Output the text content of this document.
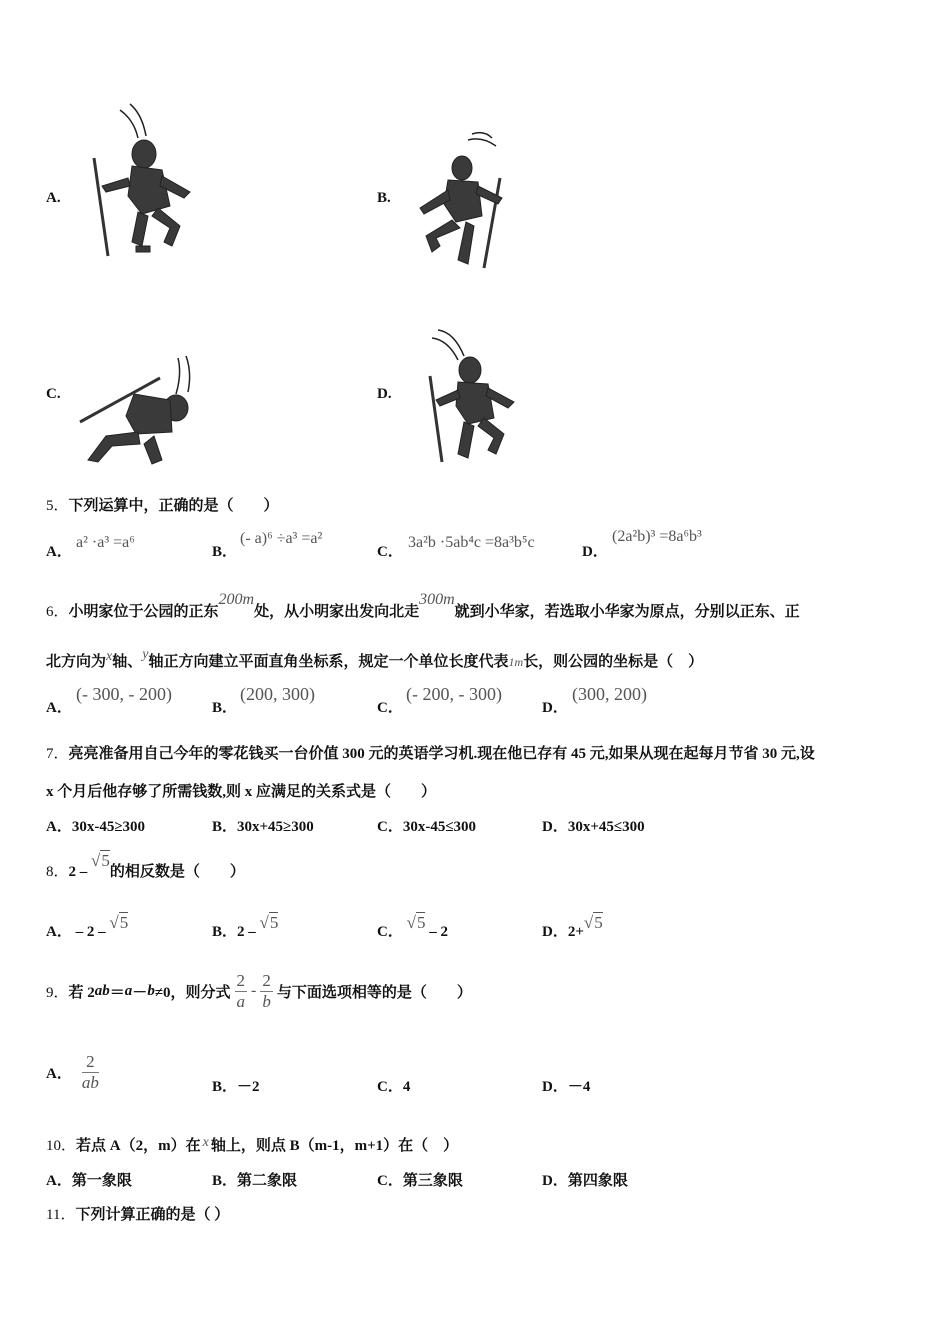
A.	B.
C.	D.
5．下列运算中，正确的是（　　）
A．
a² ·a³ =a⁶
B．
(- a)⁶ ÷a³ =a²
C．
3a²b ·5ab⁴c =8a³b⁵c
D．
(2a²b)³ =8a⁶b³
6．小明家位于公园的正东200m处，从小明家出发向北走300m就到小华家，若选取小华家为原点，分别以正东、正
北方向为x轴、y轴正方向建立平面直角坐标系，规定一个单位长度代表1m长，则公园的坐标是（　）
A．
(- 300, - 200)
B．
(200, 300)
C．
(- 200, - 300)
D．
(300, 200)
7．亮亮准备用自己今年的零花钱买一台价值 300 元的英语学习机.现在他已存有 45 元,如果从现在起每月节省 30 元,设
x 个月后他存够了所需钱数,则 x 应满足的关系式是（　　）
A．30x-45≥300	B．30x+45≥300	C．30x-45≤300	D．30x+45≤300
8．2 – √5的相反数是（　　）
A． – 2 – √5	B．2 – √5	C． √5 – 2	D．2+√5
9． 若 2 ab ＝ a － b ≠0，则分式 $\frac{2}{a} - \frac{2}{b}$ 与下面选项相等的是（　　）
A． $\frac{2}{ab}$	B．－2	C．4	D．－4
10．若点 A（2，m）在 x 轴上，则点 B（m-1，m+1）在（　）
A．第一象限	B．第二象限	C．第三象限	D．第四象限
11．下列计算正确的是（ ）
